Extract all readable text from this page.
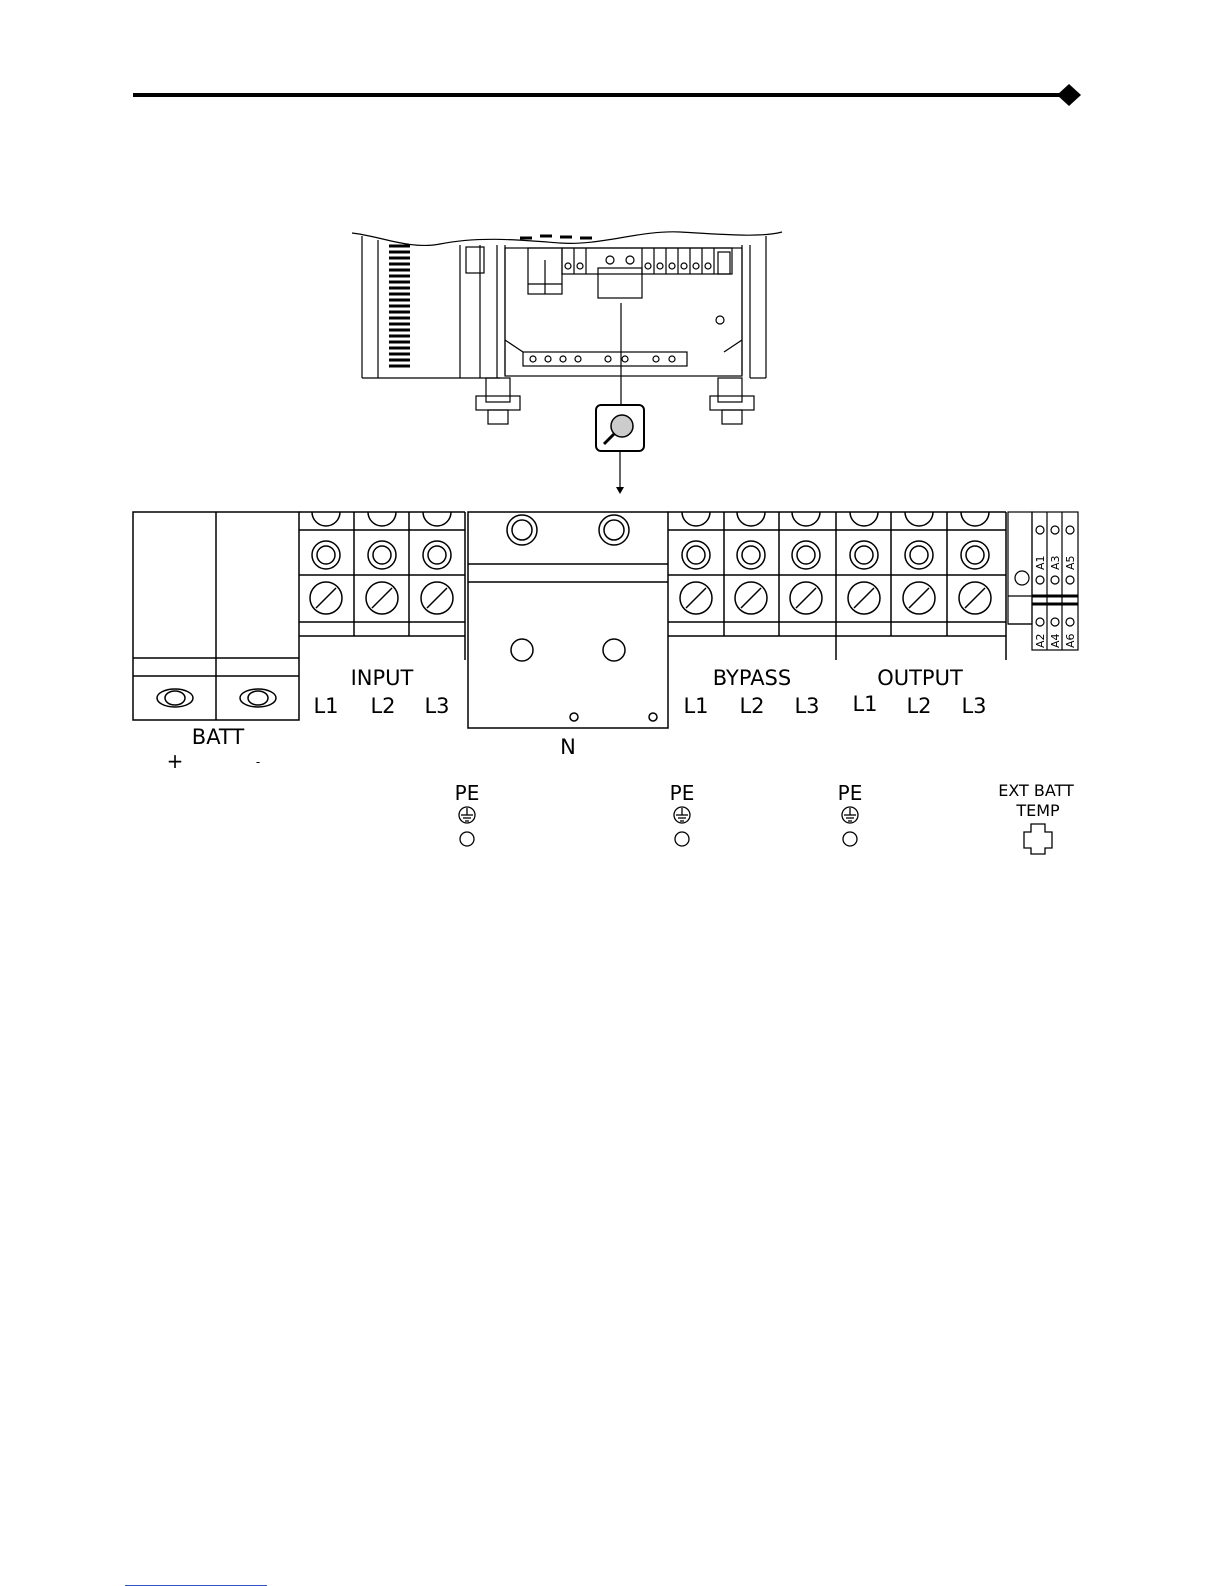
A1
A2
A3
A4
A5
A6
INPUT	BYPASS	OUTPUT
L1 L2 L3	L1 L2 L3 L1 L2 L3
BATT
+	-
N
PE	PE	PE	EXT BATT
TEMP
